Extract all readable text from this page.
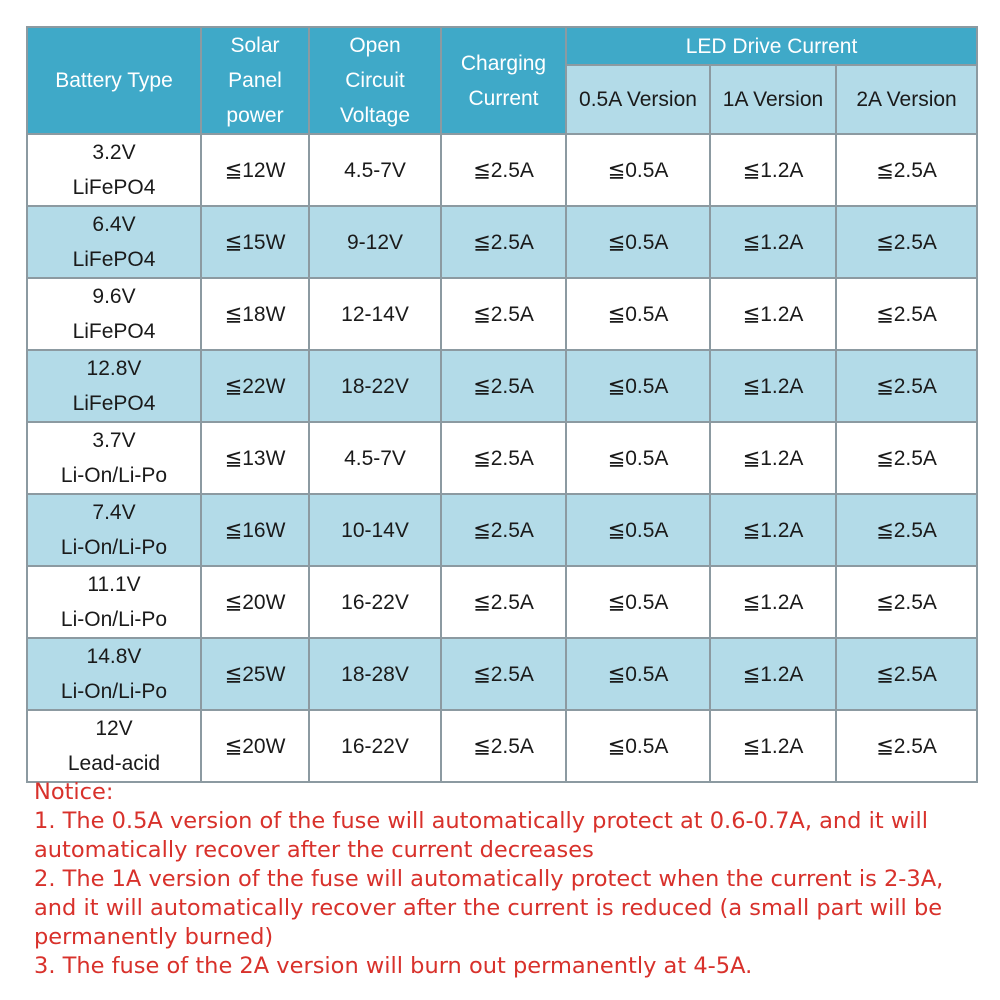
Battery Type	Solar
Panel
power	Open
Circuit
Voltage	Charging
Current	LED Drive Current		
				0.5A Version	1A Version	2A Version

3.2V
LiFePO4	≦12W	4.5-7V	≦2.5A	≦0.5A	≦1.2A	≦2.5A

6.4V
LiFePO4	≦15W	9-12V	≦2.5A	≦0.5A	≦1.2A	≦2.5A

9.6V
LiFePO4	≦18W	12-14V	≦2.5A	≦0.5A	≦1.2A	≦2.5A

12.8V
LiFePO4	≦22W	18-22V	≦2.5A	≦0.5A	≦1.2A	≦2.5A

3.7V
Li-On/Li-Po	≦13W	4.5-7V	≦2.5A	≦0.5A	≦1.2A	≦2.5A

7.4V
Li-On/Li-Po	≦16W	10-14V	≦2.5A	≦0.5A	≦1.2A	≦2.5A

11.1V
Li-On/Li-Po	≦20W	16-22V	≦2.5A	≦0.5A	≦1.2A	≦2.5A

14.8V
Li-On/Li-Po	≦25W	18-28V	≦2.5A	≦0.5A	≦1.2A	≦2.5A

12V
Lead-acid	≦20W	16-22V	≦2.5A	≦0.5A	≦1.2A	≦2.5A

Notice:

1. The 0.5A version of the fuse will automatically protect at 0.6-0.7A, and it will automatically recover after the current decreases

2. The 1A version of the fuse will automatically protect when the current is 2-3A, and it will automatically recover after the current is reduced (a small part will be permanently burned)

3. The fuse of the 2A version will burn out permanently at 4-5A.
